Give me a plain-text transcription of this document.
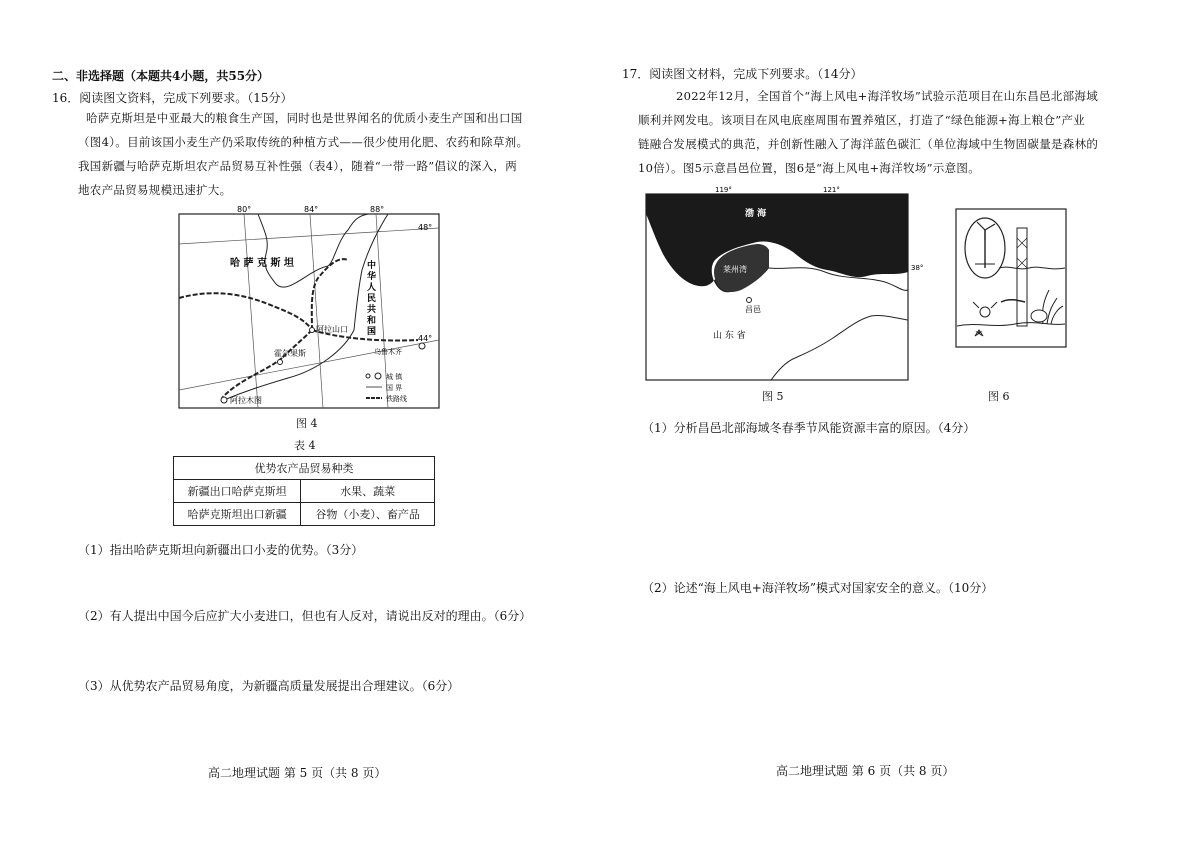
二、非选择题（本题共4小题，共55分）
16．阅读图文资料，完成下列要求。（15分）
哈萨克斯坦是中亚最大的粮食生产国，同时也是世界闻名的优质小麦生产国和出口国
（图4）。目前该国小麦生产仍采取传统的种植方式——很少使用化肥、农药和除草剂。
我国新疆与哈萨克斯坦农产品贸易互补性强（表4），随着“一带一路”倡议的深入，两
地农产品贸易规模迅速扩大。
80°	84°	88°
48°
44°
哈 萨 克 斯 坦	中
华
人
民
共
和
国
阿拉山口
霍尔果斯	乌鲁木齐
阿拉木图
城 镇
国 界
铁路线
图 4
表 4
优势农产品贸易种类	
新疆出口哈萨克斯坦	水果、蔬菜
哈萨克斯坦出口新疆	谷物（小麦）、畜产品
（1）指出哈萨克斯坦向新疆出口小麦的优势。（3分）
（2）有人提出中国今后应扩大小麦进口，但也有人反对，请说出反对的理由。（6分）
（3）从优势农产品贸易角度，为新疆高质量发展提出合理建议。（6分）
高二地理试题 第 5 页（共 8 页）
17．阅读图文材料，完成下列要求。（14分）
2022年12月，全国首个“海上风电+海洋牧场”试验示范项目在山东昌邑北部海域
顺利并网发电。该项目在风电底座周围布置养殖区，打造了“绿色能源+海上粮仓”产业
链融合发展模式的典范，并创新性融入了海洋蓝色碳汇（单位海域中生物固碳量是森林的
10倍）。图5示意昌邑位置，图6是“海上风电+海洋牧场”示意图。
119°	121°
38°
渤 海
莱州湾
昌邑
山 东 省
图 5	图 6
（1）分析昌邑北部海域冬春季节风能资源丰富的原因。（4分）
（2）论述“海上风电+海洋牧场”模式对国家安全的意义。（10分）
高二地理试题 第 6 页（共 8 页）
